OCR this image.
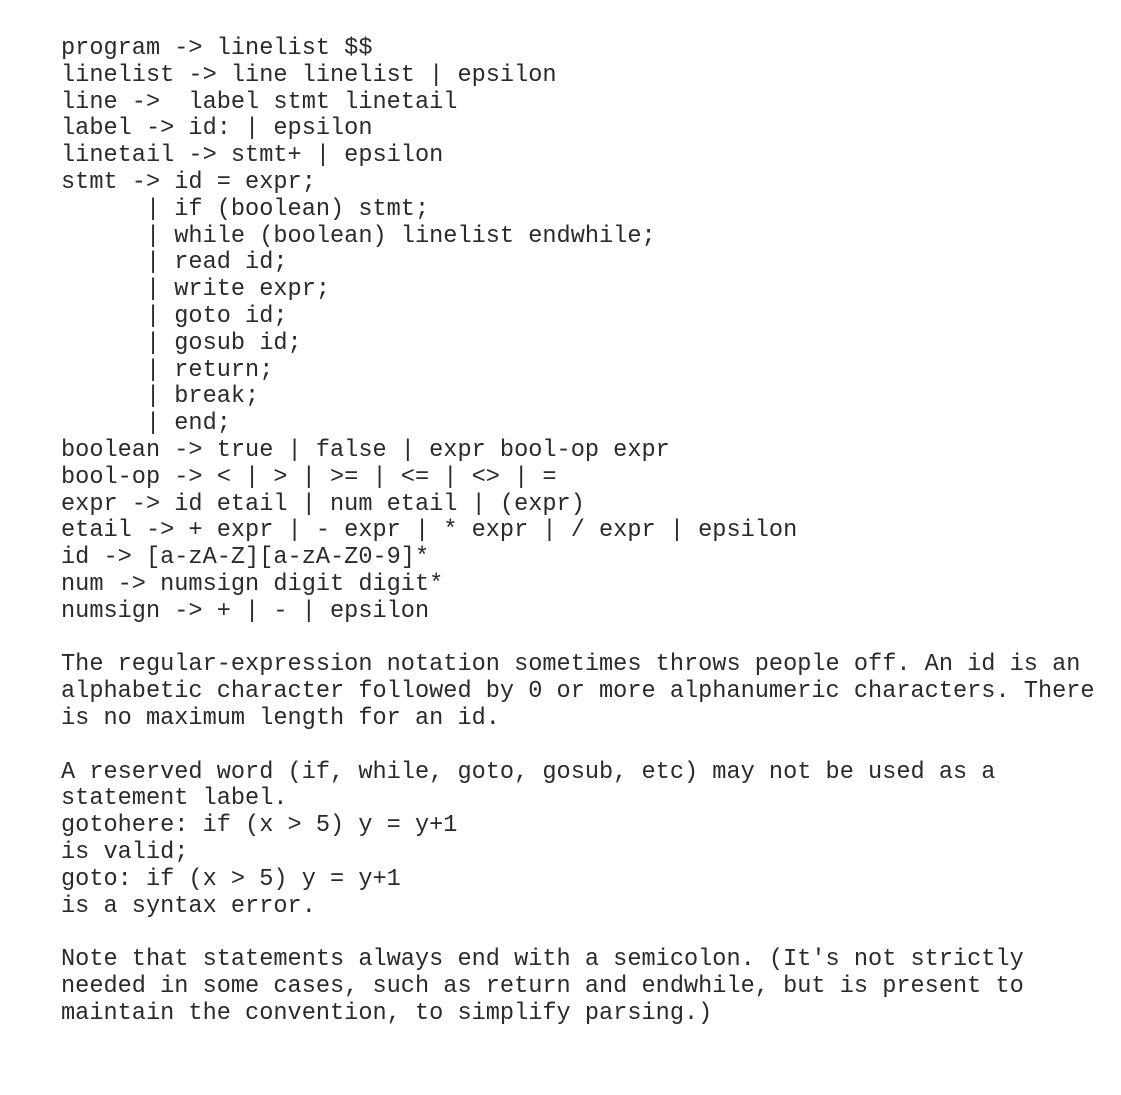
program -> linelist $$
linelist -> line linelist | epsilon
line ->  label stmt linetail
label -> id: | epsilon
linetail -> stmt+ | epsilon
stmt -> id = expr;
| if (boolean) stmt;
| while (boolean) linelist endwhile;
| read id;
| write expr;
| goto id;
| gosub id;
| return;
| break;
| end;
boolean -> true | false | expr bool-op expr
bool-op -> < | > | >= | <= | <> | =
expr -> id etail | num etail | (expr)
etail -> + expr | - expr | * expr | / expr | epsilon
id -> [a-zA-Z][a-zA-Z0-9]*
num -> numsign digit digit*
numsign -> + | - | epsilon
The regular-expression notation sometimes throws people off. An id is an
alphabetic character followed by 0 or more alphanumeric characters. There
is no maximum length for an id.
A reserved word (if, while, goto, gosub, etc) may not be used as a
statement label.
gotohere: if (x > 5) y = y+1
is valid;
goto: if (x > 5) y = y+1
is a syntax error.
Note that statements always end with a semicolon. (It's not strictly
needed in some cases, such as return and endwhile, but is present to
maintain the convention, to simplify parsing.)
